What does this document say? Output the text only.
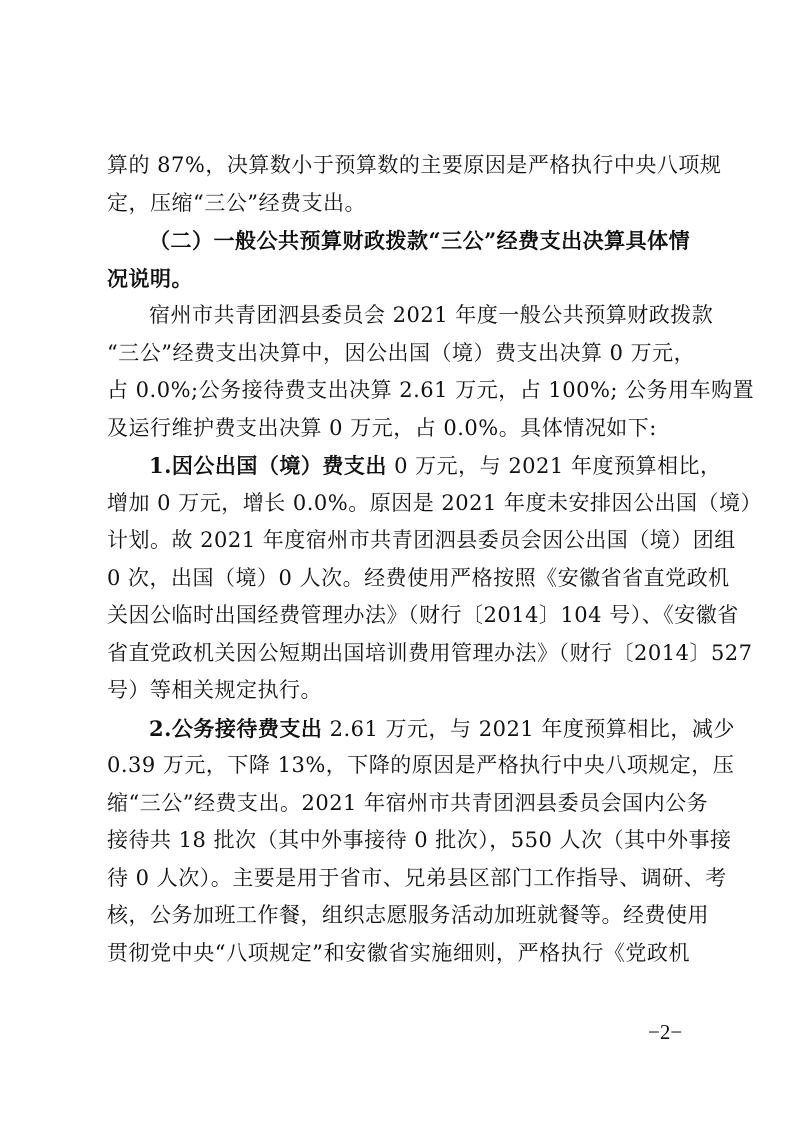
算的 87%，决算数小于预算数的主要原因是严格执行中央八项规
定，压缩“三公”经费支出。
（二）一般公共预算财政拨款“三公”经费支出决算具体情
况说明。
宿州市共青团泗县委员会 2021 年度一般公共预算财政拨款
“三公”经费支出决算中，因公出国（境）费支出决算 0 万元，
占 0.0%;公务接待费支出决算 2.61 万元，占 100%; 公务用车购置
及运行维护费支出决算 0 万元，占 0.0%。具体情况如下:
1.因公出国（境）费支出 0 万元，与 2021 年度预算相比，
增加 0 万元，增长 0.0%。原因是 2021 年度未安排因公出国（境）
计划。故 2021 年度宿州市共青团泗县委员会因公出国（境）团组
0 次，出国（境）0 人次。经费使用严格按照《安徽省省直党政机
关因公临时出国经费管理办法》（财行〔2014〕104 号）、《安徽省
省直党政机关因公短期出国培训费用管理办法》（财行〔2014〕527
号）等相关规定执行。
2.公务接待费支出 2.61 万元，与 2021 年度预算相比，减少
0.39 万元，下降 13%，下降的原因是严格执行中央八项规定，压
缩“三公”经费支出。2021 年宿州市共青团泗县委员会国内公务
接待共 18 批次（其中外事接待 0 批次），550 人次（其中外事接
待 0 人次）。主要是用于省市、兄弟县区部门工作指导、调研、考
核，公务加班工作餐，组织志愿服务活动加班就餐等。经费使用
贯彻党中央“八项规定”和安徽省实施细则，严格执行《党政机
−2−
